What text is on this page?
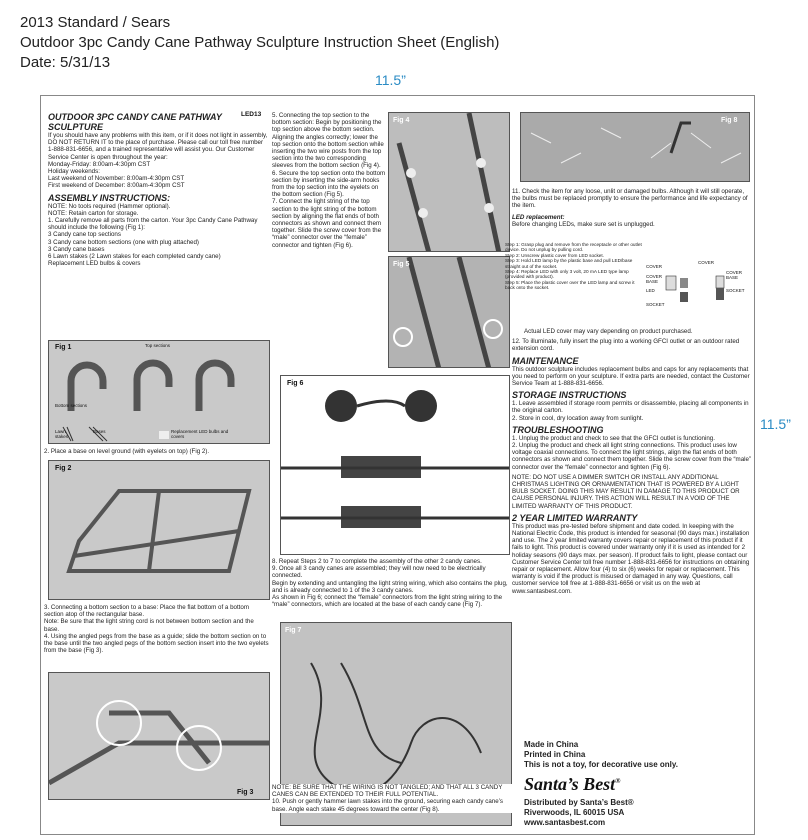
2013 Standard / Sears
Outdoor 3pc Candy Cane Pathway Sculpture Instruction Sheet (English)
Date: 5/31/13
11.5”
11.5”

OUTDOOR 3PC CANDY CANE PATHWAY

SCULPTURE

If you should have any problems with this item, or if it does not light in assembly, DO NOT RETURN IT to the place of purchase. Please call our toll free number 1-888-831-6656, and a trained representative will assist you. Our Customer Service Center is open throughout the year:

Monday-Friday: 8:00am-4:30pm CST

Holiday weekends:

Last weekend of November: 8:00am-4:30pm CST

First weekend of December: 8:00am-4:30pm CST

ASSEMBLY INSTRUCTIONS:

NOTE: No tools required (Hammer optional).

NOTE: Retain carton for storage.

1. Carefully remove all parts from the carton. Your 3pc Candy Cane Pathway should include the following (Fig 1):

3 Candy cane top sections

3 Candy cane bottom sections (one with plug attached)

3 Candy cane bases

6 Lawn stakes (2 Lawn stakes for each completed candy cane)

Replacement LED bulbs & covers

LED13
Fig 1	Top sections
Bottom sections
Lawn stakes
Bases	Replacement LED bulbs and covers

2. Place a base on level ground (with eyelets on top) (Fig 2).

Fig 2

3. Connecting a bottom section to a base: Place the flat bottom of a bottom section atop of the rectangular base.

Note: Be sure that the light string cord is not between bottom section and the base.

4. Using the angled pegs from the base as a guide; slide the bottom section on to the base until the two angled pegs of the bottom section insert into the two eyelets from the base (Fig 3).

Fig 3

5. Connecting the top section to the bottom section: Begin by positioning the top section above the bottom section. Aligning the angles correctly; lower the top section onto the bottom section while inserting the two wire posts from the top section into the two corresponding sleeves from the bottom section (Fig 4).

6. Secure the top section onto the bottom section by inserting the side-arm hooks from the top section into the eyelets on the bottom section (Fig 5).

7. Connect the light string of the top section to the light string of the bottom section by aligning the flat ends of both connectors as shown and connect them together. Slide the screw cover from the “male” connector over the “female” connector and tighten (Fig 6).

Fig 4
Fig 5
Fig 6

8. Repeat Steps 2 to 7 to complete the assembly of the other 2 candy canes.

9. Once all 3 candy canes are assembled; they will now need to be electrically connected.

Begin by extending and untangling the light string wiring, which also contains the plug, and is already connected to 1 of the 3 candy canes.

As shown in Fig 6; connect the “female” connectors from the light string wiring to the “male” connectors, which are located at the base of each candy cane (Fig 7).

Fig 7

NOTE: BE SURE THAT THE WIRING IS NOT TANGLED; AND THAT ALL 3 CANDY CANES CAN BE EXTENDED TO THEIR FULL POTENTIAL.

10. Push or gently hammer lawn stakes into the ground, securing each candy cane’s base. Angle each stake 45 degrees toward the center (Fig 8).

Fig 8

11. Check the item for any loose, unlit or damaged bulbs. Although it will still operate, the bulbs must be replaced promptly to ensure the performance and life expectancy of the item.

LED replacement:

Before changing LEDs, make sure set is unplugged.

Step 1: Grasp plug and remove from the receptacle or other outlet device. Do not unplug by pulling cord.

Step 2: Unscrew plastic cover from LED socket.

Step 3: Hold LED lamp by the plastic base and pull LED/base straight out of the socket.

Step 4: Replace LED with only 3 volt, 20 mA LED type lamp (provided with product).

Step 5: Place the plastic cover over the LED lamp and screw it back onto the socket.

COVER
COVER BASE
LED
SOCKET
COVER
COVER BASE
SOCKET

Actual LED cover may vary depending on product purchased.

12. To illuminate, fully insert the plug into a working GFCI outlet or an outdoor rated extension cord.

MAINTENANCE

This outdoor sculpture includes replacement bulbs and caps for any replacements that you need to perform on your sculpture. If extra parts are needed, contact the Customer Service Team at 1-888-831-6656.

STORAGE INSTRUCTIONS

1. Leave assembled if storage room permits or disassemble, placing all components in the original carton.

2. Store in cool, dry location away from sunlight.

TROUBLESHOOTING

1. Unplug the product and check to see that the GFCI outlet is functioning.

2. Unplug the product and check all light string connections. This product uses low voltage coaxial connections. To connect the light strings, align the flat ends of both connectors as shown and connect them together. Slide the screw cover from the “male” connector over the “female” connector and tighten (Fig 6).

NOTE: DO NOT USE A DIMMER SWITCH OR INSTALL ANY ADDITIONAL CHRISTMAS LIGHTING OR ORNAMENTATION THAT IS POWERED BY A LIGHT BULB SOCKET. DOING THIS MAY RESULT IN DAMAGE TO THIS PRODUCT OR CAUSE PERSONAL INJURY. THIS ACTION WILL RESULT IN A VOID OF THE LIMITED WARRANTY OF THIS PRODUCT.

2 YEAR LIMITED WARRANTY

This product was pre-tested before shipment and date coded. In keeping with the National Electric Code, this product is intended for seasonal (90 days max.) installation and use. The 2 year limited warranty covers repair or replacement of this product if it fails to light. This product is covered under warranty only if it is used as intended for 2 holiday seasons (90 days max. per season). If product fails to light, please contact our Customer Service Center toll free number 1-888-831-6656 for instructions on obtaining repair or replacement. Allow four (4) to six (6) weeks for repair or replacement. This warranty is void if the product is misused or damaged in any way. Questions, call customer service toll free at 1-888-831-6656 or visit us on the web at www.santasbest.com.

Made in China
Printed in China
This is not a toy, for decorative use only.
Santa’s Best®
Distributed by Santa’s Best®
Riverwoods, IL 60015 USA
www.santasbest.com
